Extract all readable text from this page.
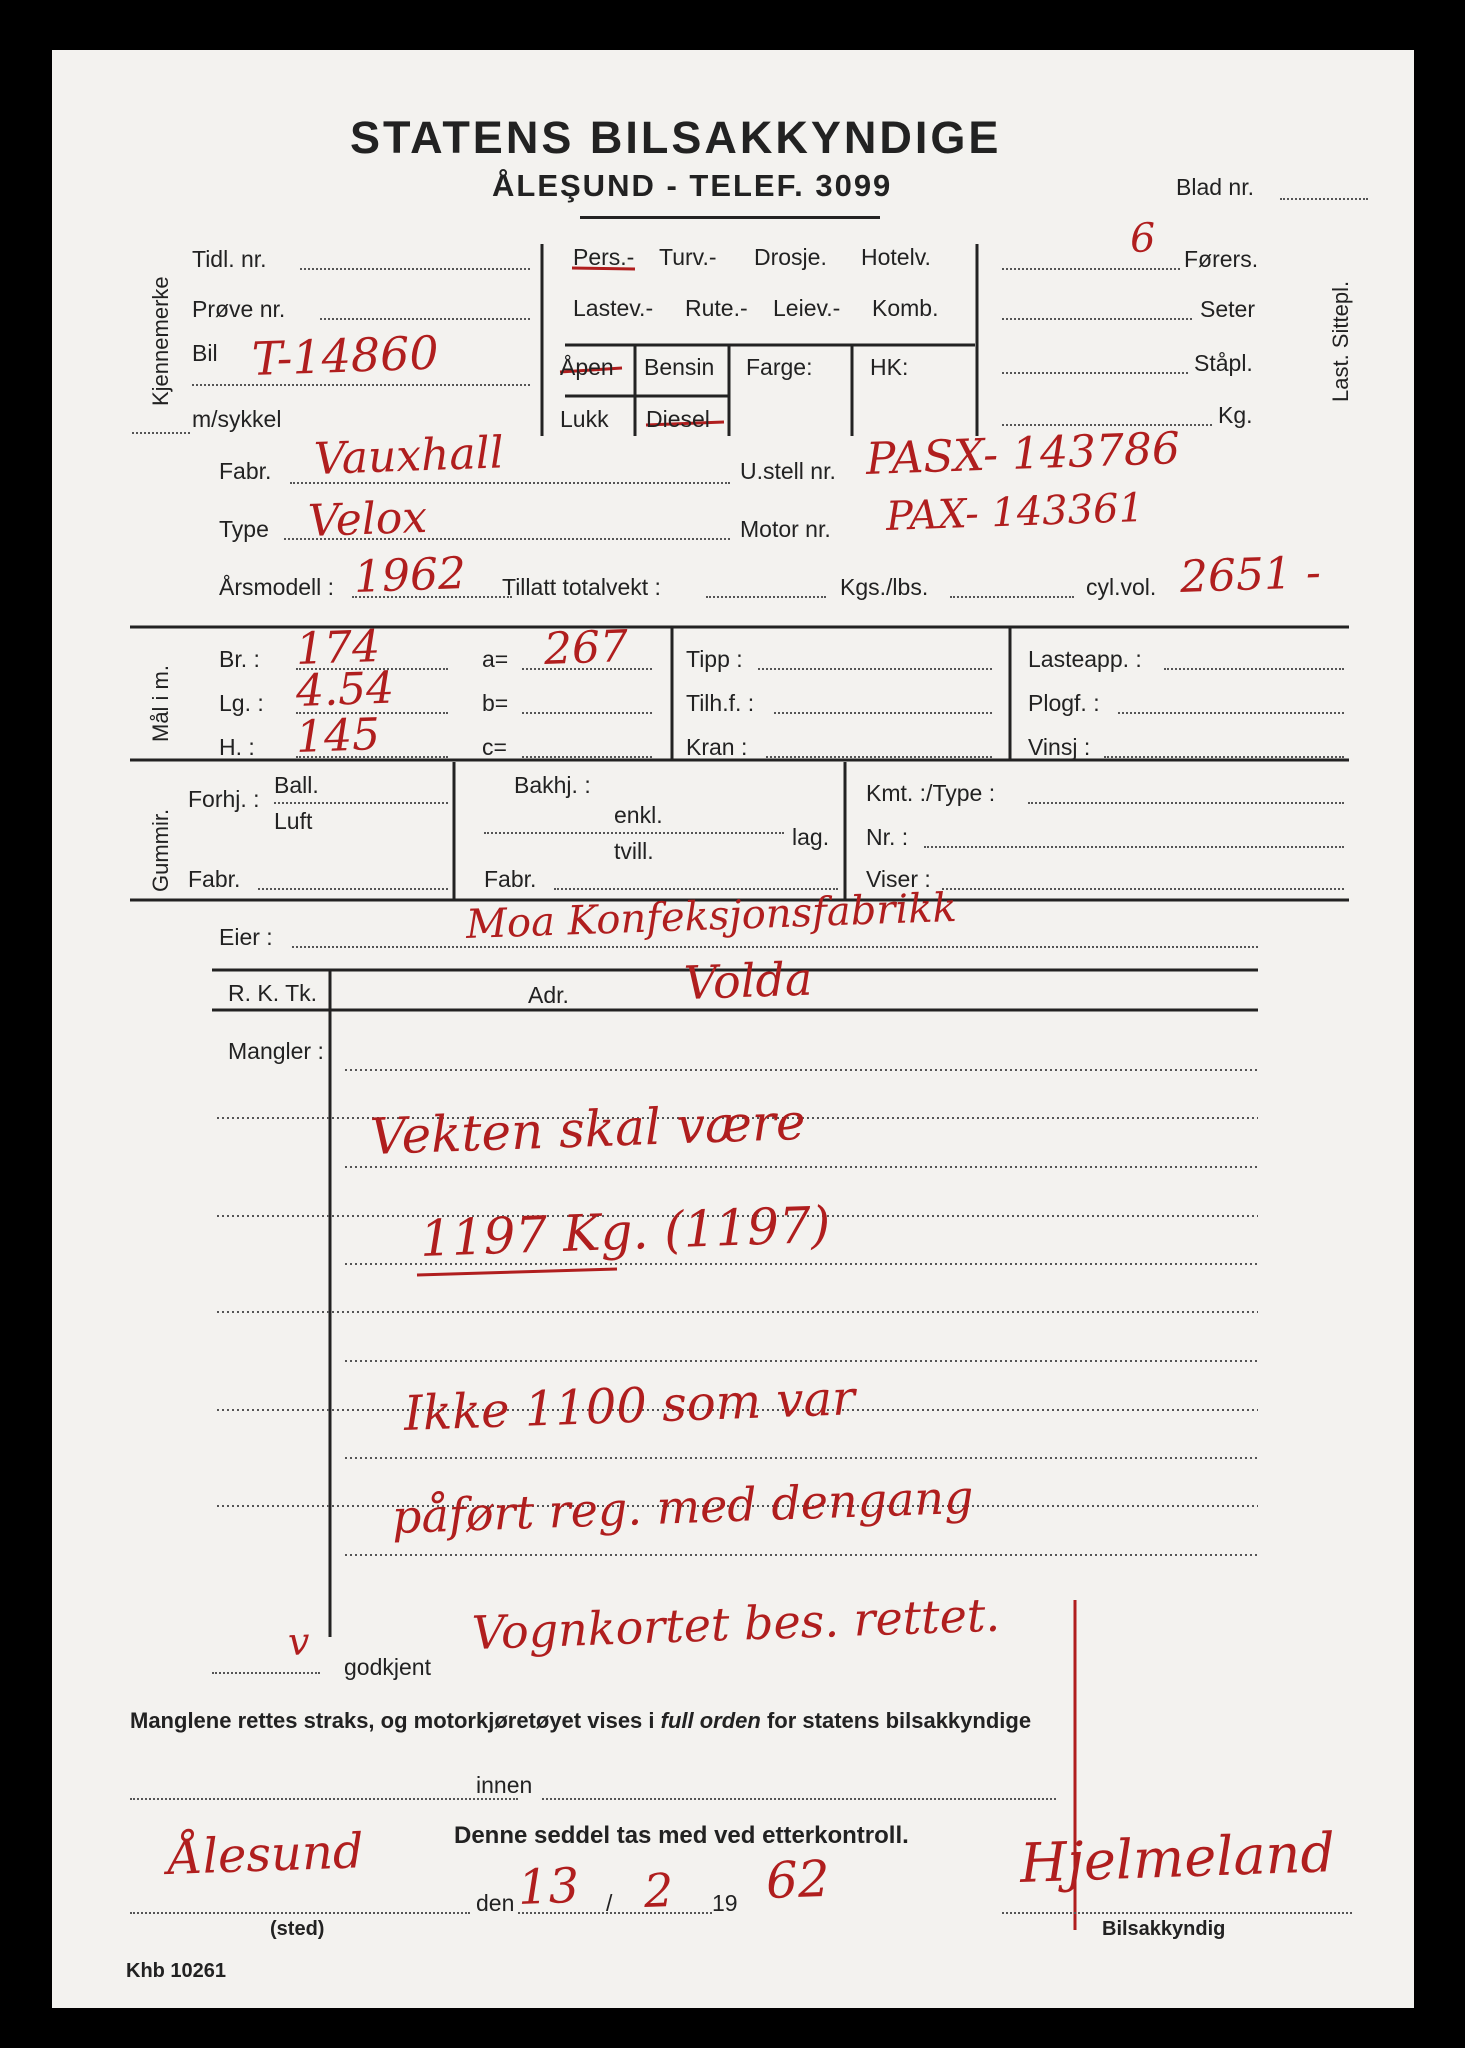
STATENS BILSAKKYNDIGE
ÅLEŞUND - TELEF. 3099	Blad nr.
Kjennemerke	Last. Sittepl.
Mål i m.
Gummir.
Tidl. nr.
Prøve nr.
Bil T-14860
m/sykkel
Pers.- Turv.- Drosje. Hotelv.
Lastev.- Rute.- Leiev.- Komb.
Åpen
Lukk
Bensin
Diesel
Farge:	HK:
6 Førers.
Seter
Ståpl.
Kg.
Fabr. Vauxhall
Type Velox
Årsmodell : 1962 Tillatt totalvekt :	Kgs./lbs.
U.stell nr. PASX- 143786
Motor nr. PAX- 143361
cyl.vol. 2651 -
Br. : 174
Lg. : 4.54
H. : 145
a= 267
b=
c=
Tipp :
Tilh.f. :
Kran :
Lasteapp. :
Plogf. :
Vinsj :
Forhj. :
Ball.
Luft
Fabr.
Bakhj. :
enkl.
tvill.
lag.
Fabr.
Kmt. :/Type :
Nr. :
Viser :
Eier :	Moa Konfeksjonsfabrikk
R. K. Tk.	Adr. Volda
Mangler :
Vekten skal være
1197 Kg. (1197)
Ikke 1100 som var
påført reg. med dengang
Vognkortet bes. rettet.
v
godkjent
Manglene rettes straks, og motorkjøretøyet vises i full orden for statens bilsakkyndige
innen
Denne seddel tas med ved etterkontroll.
Ålesund
den 13 / 2 19 62	Hjelmeland
(sted)	Bilsakkyndig
Khb 10261
